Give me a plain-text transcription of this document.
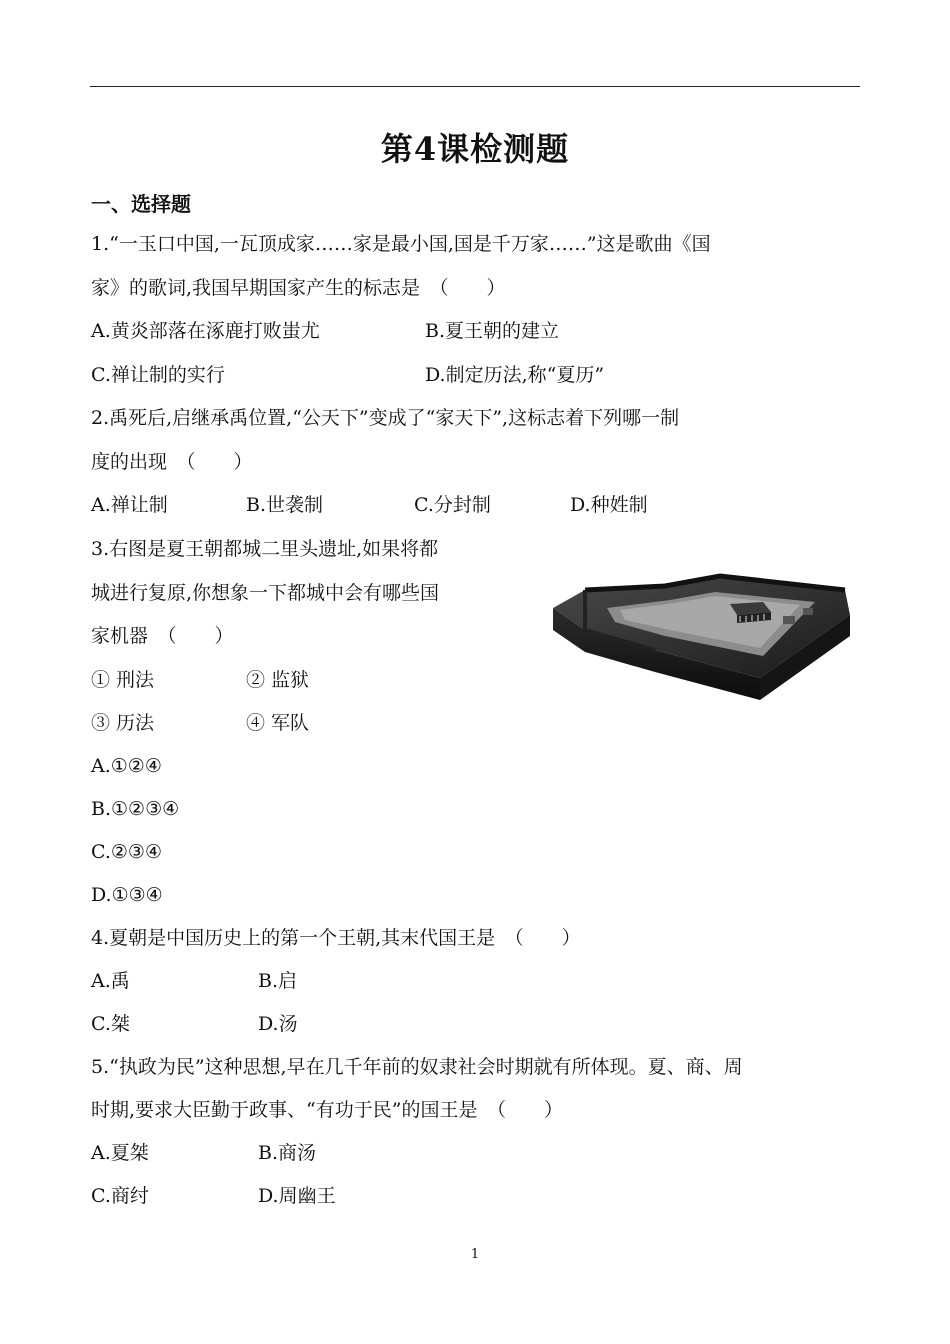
第4课检测题
一、选择题
1.“一玉口中国,一瓦顶成家……家是最小国,国是千万家……”这是歌曲《国
家》的歌词,我国早期国家产生的标志是　（　　）
A.黄炎部落在涿鹿打败蚩尤	B.夏王朝的建立
C.禅让制的实行	D.制定历法,称“夏历”
2.禹死后,启继承禹位置,“公天下”变成了“家天下”,这标志着下列哪一制
度的出现　（　　）
A.禅让制	B.世袭制	C.分封制	D.种姓制
3.右图是夏王朝都城二里头遗址,如果将都
城进行复原,你想象一下都城中会有哪些国
家机器　（　　）
① 刑法	② 监狱
③ 历法	④ 军队
A.①②④
B.①②③④
C.②③④
D.①③④
4.夏朝是中国历史上的第一个王朝,其末代国王是　（　　）
A.禹	B.启
C.桀	D.汤
5.“执政为民”这种思想,早在几千年前的奴隶社会时期就有所体现。夏、商、周
时期,要求大臣勤于政事、“有功于民”的国王是　（　　）
A.夏桀	B.商汤
C.商纣	D.周幽王
1
